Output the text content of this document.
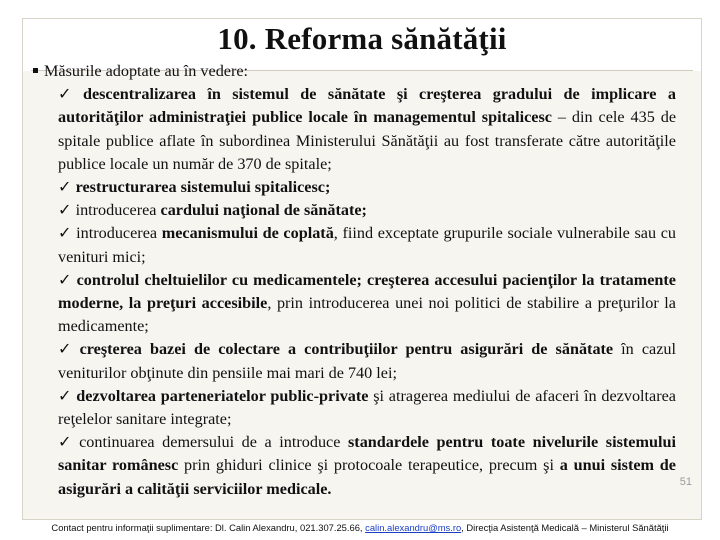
10. Reforma sănătăţii
Măsurile adoptate au în vedere:
✓ descentralizarea în sistemul de sănătate şi creşterea gradului de implicare a autorităţilor administraţiei publice locale în managementul spitalicesc – din cele 435 de spitale publice aflate în subordinea Ministerului Sănătăţii au fost transferate către autorităţile publice locale un număr de 370 de spitale;
✓ restructurarea sistemului spitalicesc;
✓ introducerea cardului naţional de sănătate;
✓ introducerea mecanismului de coplată, fiind exceptate grupurile sociale vulnerabile sau cu venituri mici;
✓ controlul cheltuielilor cu medicamentele; creşterea accesului pacienţilor la tratamente moderne, la preţuri accesibile, prin introducerea unei noi politici de stabilire a preţurilor la medicamente;
✓ creşterea bazei de colectare a contribuţiilor pentru asigurări de sănătate în cazul veniturilor obţinute din pensiile mai mari de 740 lei;
✓ dezvoltarea parteneriatelor public-private şi atragerea mediului de afaceri în dezvoltarea reţelelor sanitare integrate;
✓ continuarea demersului de a introduce standardele pentru toate nivelurile sistemului sanitar românesc prin ghiduri clinice şi protocoale terapeutice, precum şi a unui sistem de asigurări a calităţii serviciilor medicale.	51
Contact pentru informaţii suplimentare: Dl. Calin Alexandru, 021.307.25.66, calin.alexandru@ms.ro, Direcţia Asistenţă Medicală – Ministerul Sănătăţii
